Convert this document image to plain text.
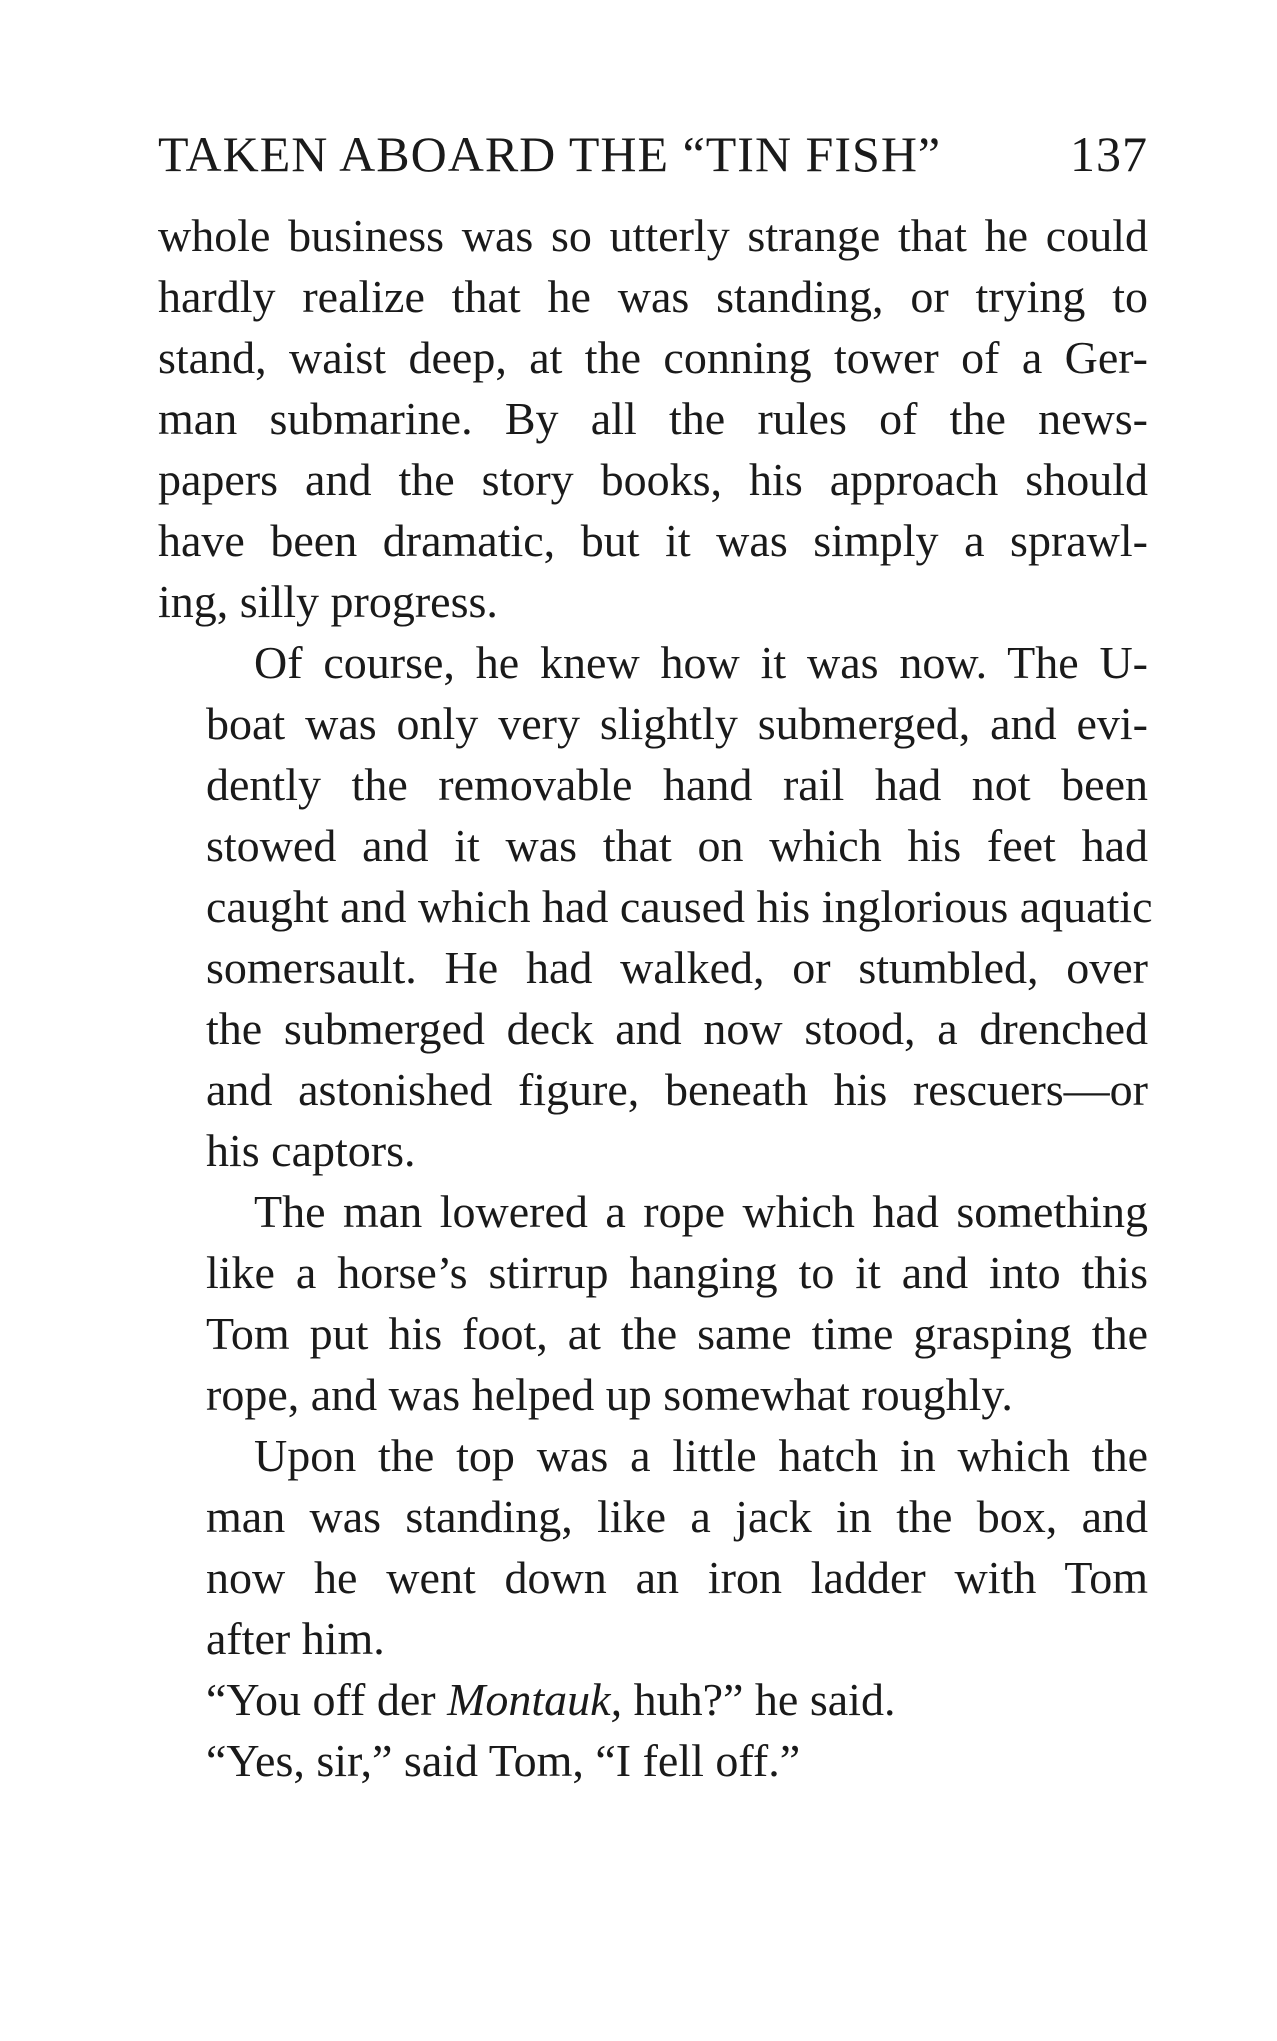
TAKEN ABOARD THE “TIN FISH”	137
whole business was so utterly strange that he could
hardly realize that he was standing, or trying to
stand, waist deep, at the conning tower of a Ger-
man submarine. By all the rules of the news-
papers and the story books, his approach should
have been dramatic, but it was simply a sprawl-
ing, silly progress.
Of course, he knew how it was now. The U-
boat was only very slightly submerged, and evi-
dently the removable hand rail had not been
stowed and it was that on which his feet had
caught and which had caused his inglorious aquatic
somersault. He had walked, or stumbled, over
the submerged deck and now stood, a drenched
and astonished figure, beneath his rescuers—or
his captors.
The man lowered a rope which had something
like a horse’s stirrup hanging to it and into this
Tom put his foot, at the same time grasping the
rope, and was helped up somewhat roughly.
Upon the top was a little hatch in which the
man was standing, like a jack in the box, and
now he went down an iron ladder with Tom
after him.
“You off der Montauk, huh?” he said.
“Yes, sir,” said Tom, “I fell off.”
